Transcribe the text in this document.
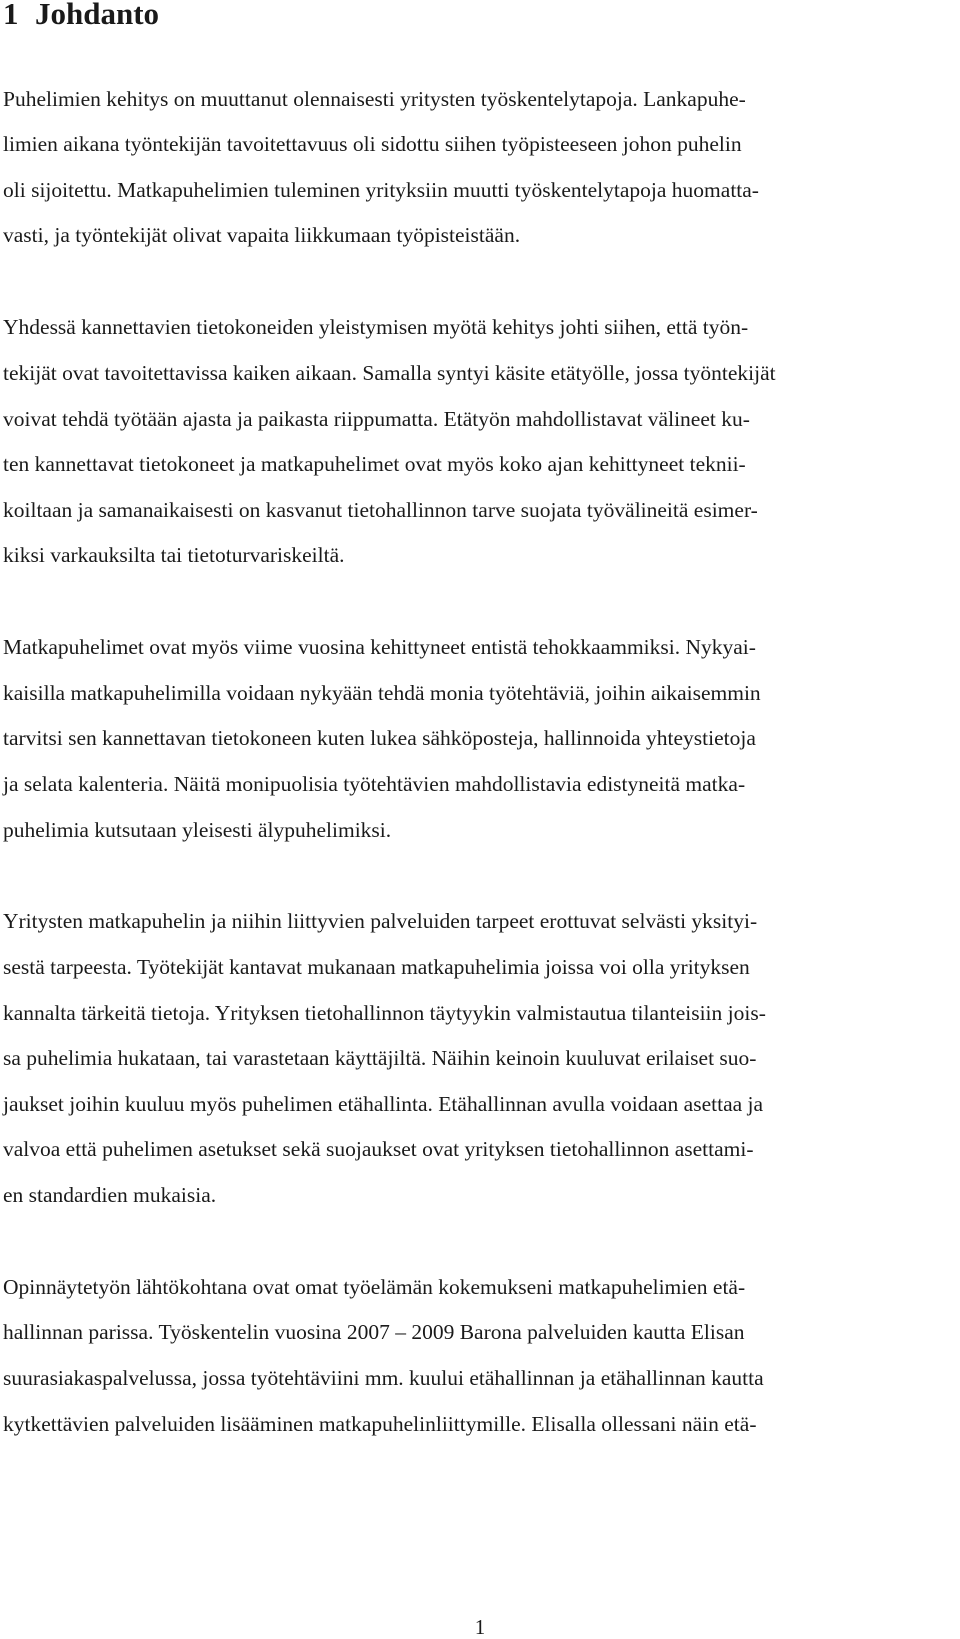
1 Johdanto

Puhelimien kehitys on muuttanut olennaisesti yritysten työskentelytapoja. Lankapuhe-

limien aikana työntekijän tavoitettavuus oli sidottu siihen työpisteeseen johon puhelin

oli sijoitettu. Matkapuhelimien tuleminen yrityksiin muutti työskentelytapoja huomatta-

vasti, ja työntekijät olivat vapaita liikkumaan työpisteistään.

Yhdessä kannettavien tietokoneiden yleistymisen myötä kehitys johti siihen, että työn-

tekijät ovat tavoitettavissa kaiken aikaan. Samalla syntyi käsite etätyölle, jossa työntekijät

voivat tehdä työtään ajasta ja paikasta riippumatta. Etätyön mahdollistavat välineet ku-

ten kannettavat tietokoneet ja matkapuhelimet ovat myös koko ajan kehittyneet teknii-

koiltaan ja samanaikaisesti on kasvanut tietohallinnon tarve suojata työvälineitä esimer-

kiksi varkauksilta tai tietoturvariskeiltä.

Matkapuhelimet ovat myös viime vuosina kehittyneet entistä tehokkaammiksi. Nykyai-

kaisilla matkapuhelimilla voidaan nykyään tehdä monia työtehtäviä, joihin aikaisemmin

tarvitsi sen kannettavan tietokoneen kuten lukea sähköposteja, hallinnoida yhteystietoja

ja selata kalenteria. Näitä monipuolisia työtehtävien mahdollistavia edistyneitä matka-

puhelimia kutsutaan yleisesti älypuhelimiksi.

Yritysten matkapuhelin ja niihin liittyvien palveluiden tarpeet erottuvat selvästi yksityi-

sestä tarpeesta. Työtekijät kantavat mukanaan matkapuhelimia joissa voi olla yrityksen

kannalta tärkeitä tietoja. Yrityksen tietohallinnon täytyykin valmistautua tilanteisiin jois-

sa puhelimia hukataan, tai varastetaan käyttäjiltä. Näihin keinoin kuuluvat erilaiset suo-

jaukset joihin kuuluu myös puhelimen etähallinta. Etähallinnan avulla voidaan asettaa ja

valvoa että puhelimen asetukset sekä suojaukset ovat yrityksen tietohallinnon asettami-

en standardien mukaisia.

Opinnäytetyön lähtökohtana ovat omat työelämän kokemukseni matkapuhelimien etä-

hallinnan parissa. Työskentelin vuosina 2007 – 2009 Barona palveluiden kautta Elisan

suurasiakaspalvelussa, jossa työtehtäviini mm. kuului etähallinnan ja etähallinnan kautta

kytkettävien palveluiden lisääminen matkapuhelinliittymille. Elisalla ollessani näin etä-

1
